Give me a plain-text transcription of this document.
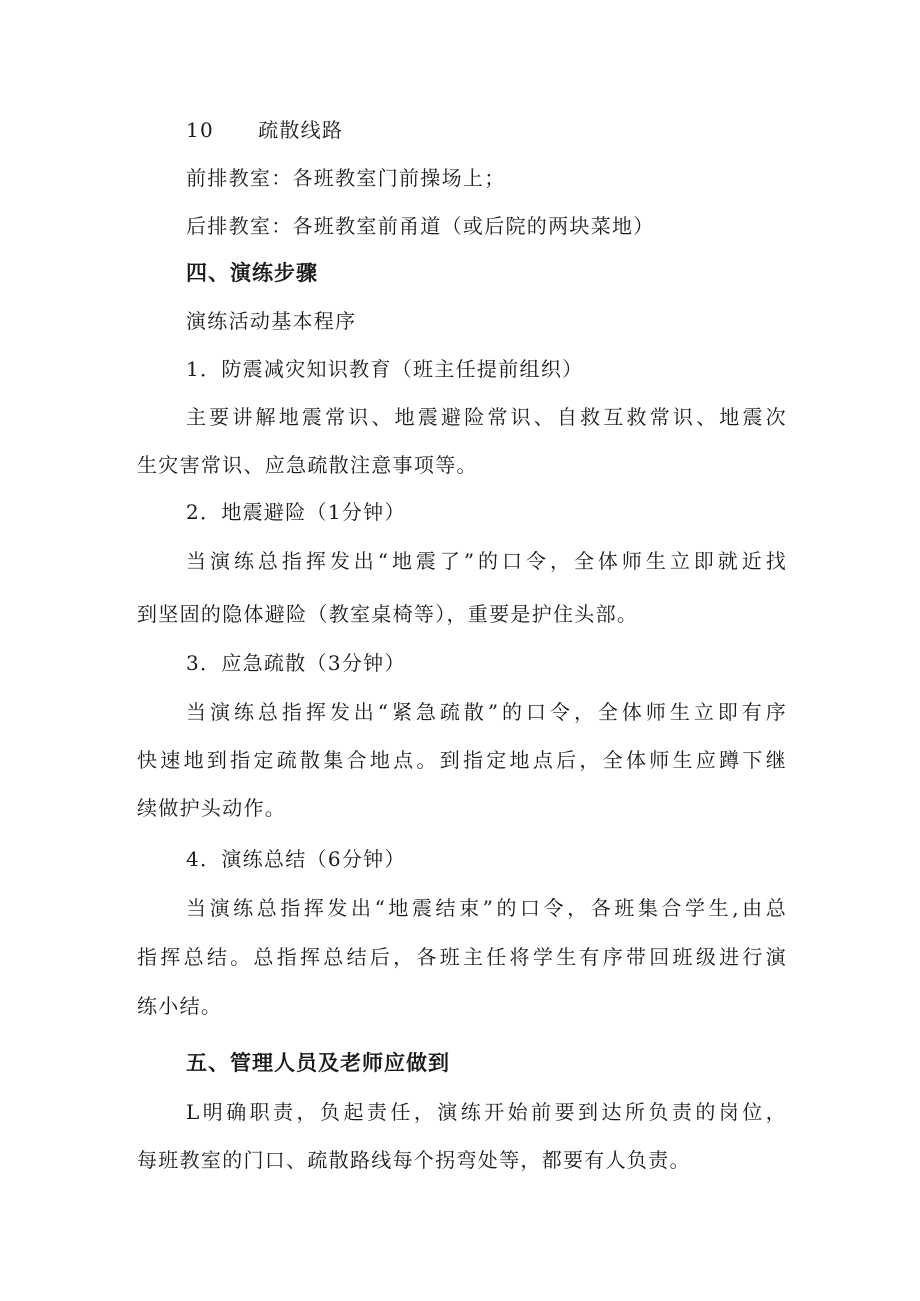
10 疏散线路
前排教室：各班教室门前操场上；
后排教室：各班教室前甬道（或后院的两块菜地）
四、演练步骤
演练活动基本程序
1．防震减灾知识教育（班主任提前组织）
主要讲解地震常识、地震避险常识、自救互救常识、地震次
生灾害常识、应急疏散注意事项等。
2．地震避险（1分钟）
当演练总指挥发出“地震了”的口令，全体师生立即就近找
到坚固的隐体避险（教室桌椅等），重要是护住头部。
3．应急疏散（3分钟）
当演练总指挥发出“紧急疏散”的口令，全体师生立即有序
快速地到指定疏散集合地点。到指定地点后，全体师生应蹲下继
续做护头动作。
4．演练总结（6分钟）
当演练总指挥发出“地震结束”的口令，各班集合学生,由总
指挥总结。总指挥总结后，各班主任将学生有序带回班级进行演
练小结。
五、管理人员及老师应做到
L明确职责，负起责任，演练开始前要到达所负责的岗位，
每班教室的门口、疏散路线每个拐弯处等，都要有人负责。
